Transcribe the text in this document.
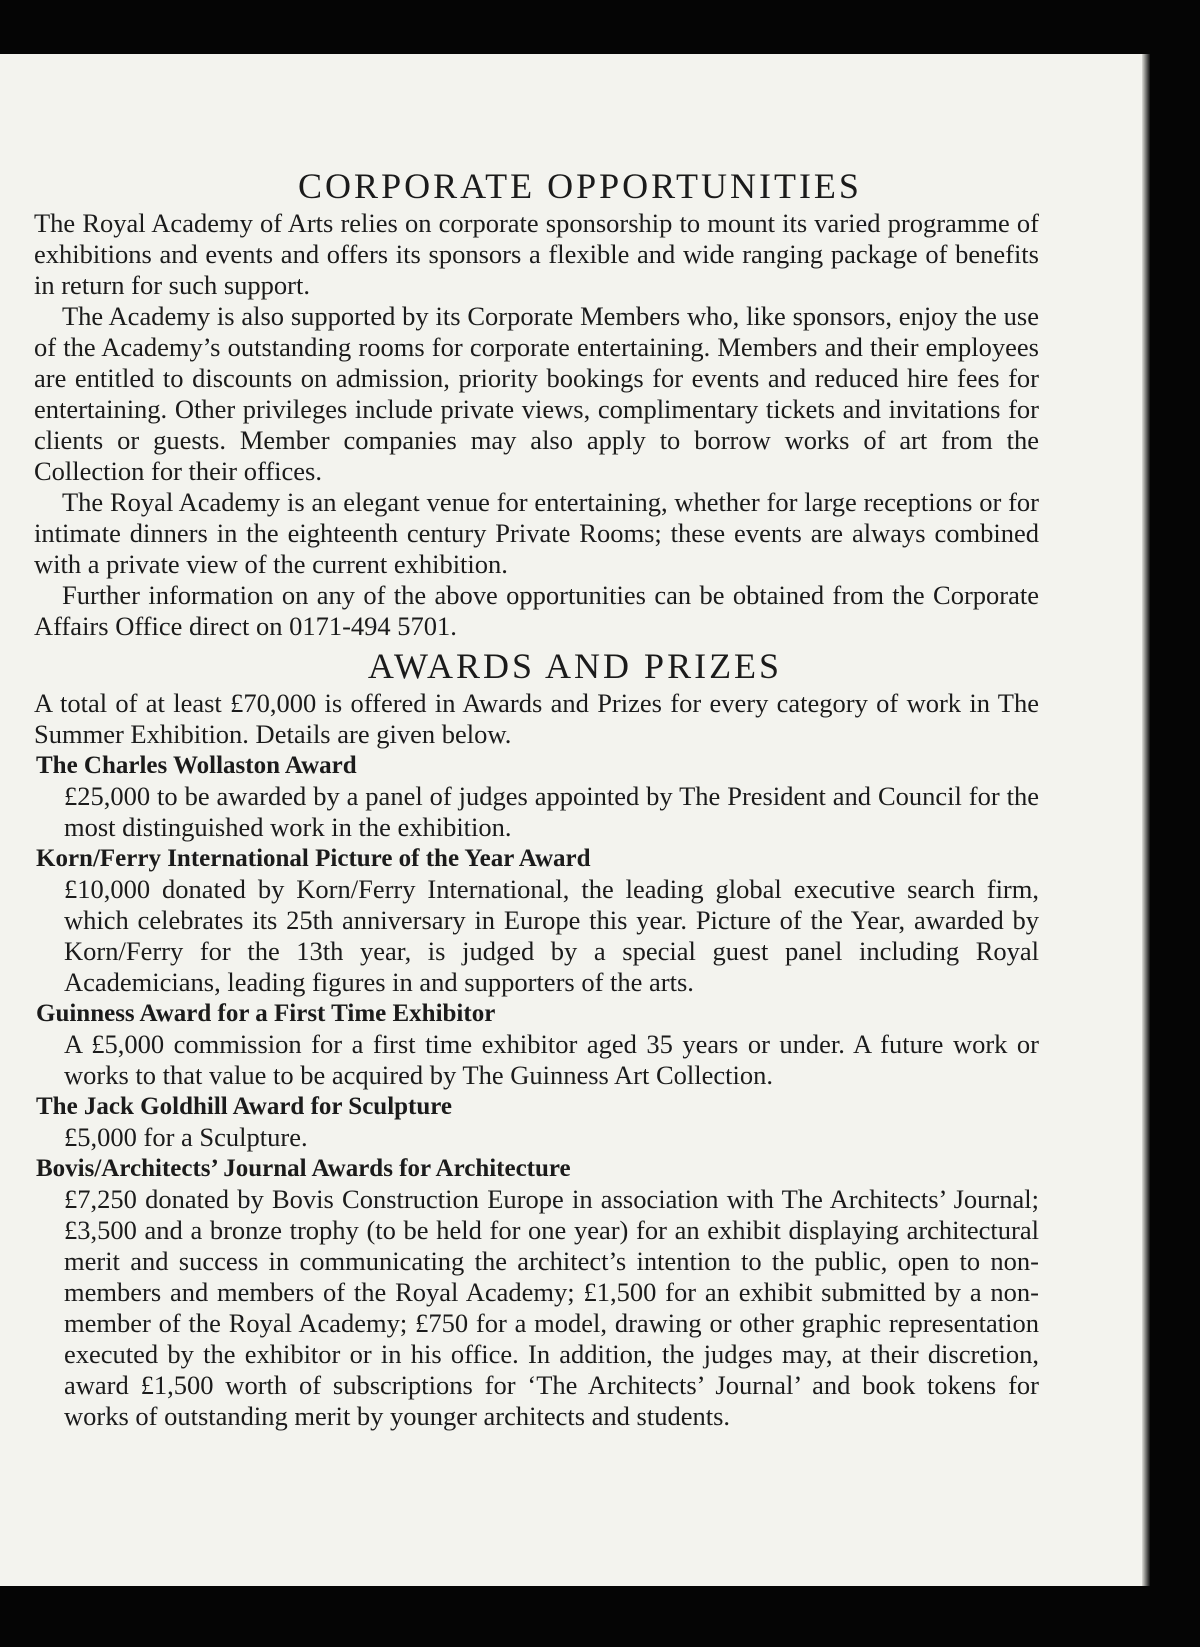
CORPORATE OPPORTUNITIES

The Royal Academy of Arts relies on corporate sponsorship to mount its varied programme of exhibitions and events and offers its sponsors a flexible and wide ranging package of benefits in return for such support.

The Academy is also supported by its Corporate Members who, like sponsors, enjoy the use of the Academy’s outstanding rooms for corporate entertaining. Members and their employees are entitled to discounts on admission, priority bookings for events and reduced hire fees for entertaining. Other privileges include private views, complimentary tickets and invitations for clients or guests. Member companies may also apply to borrow works of art from the Collection for their offices.

The Royal Academy is an elegant venue for entertaining, whether for large receptions or for intimate dinners in the eighteenth century Private Rooms; these events are always combined with a private view of the current exhibition.

Further information on any of the above opportunities can be obtained from the Corporate Affairs Office direct on 0171-494 5701.

AWARDS AND PRIZES

A total of at least £70,000 is offered in Awards and Prizes for every category of work in The Summer Exhibition. Details are given below.

The Charles Wollaston Award

£25,000 to be awarded by a panel of judges appointed by The President and Council for the most distinguished work in the exhibition.

Korn/Ferry International Picture of the Year Award

£10,000 donated by Korn/Ferry International, the leading global executive search firm, which celebrates its 25th anniversary in Europe this year. Picture of the Year, awarded by Korn/Ferry for the 13th year, is judged by a special guest panel including Royal Academicians, leading figures in and supporters of the arts.

Guinness Award for a First Time Exhibitor

A £5,000 commission for a first time exhibitor aged 35 years or under. A future work or works to that value to be acquired by The Guinness Art Collection.

The Jack Goldhill Award for Sculpture

£5,000 for a Sculpture.

Bovis/Architects’ Journal Awards for Architecture

£7,250 donated by Bovis Construction Europe in association with The Architects’ Journal; £3,500 and a bronze trophy (to be held for one year) for an exhibit displaying architectural merit and success in communicating the architect’s intention to the public, open to non-members and members of the Royal Academy; £1,500 for an exhibit submitted by a non-member of the Royal Academy; £750 for a model, drawing or other graphic representation executed by the exhibitor or in his office. In addition, the judges may, at their discretion, award £1,500 worth of subscriptions for ‘The Architects’ Journal’ and book tokens for works of outstanding merit by younger architects and students.
